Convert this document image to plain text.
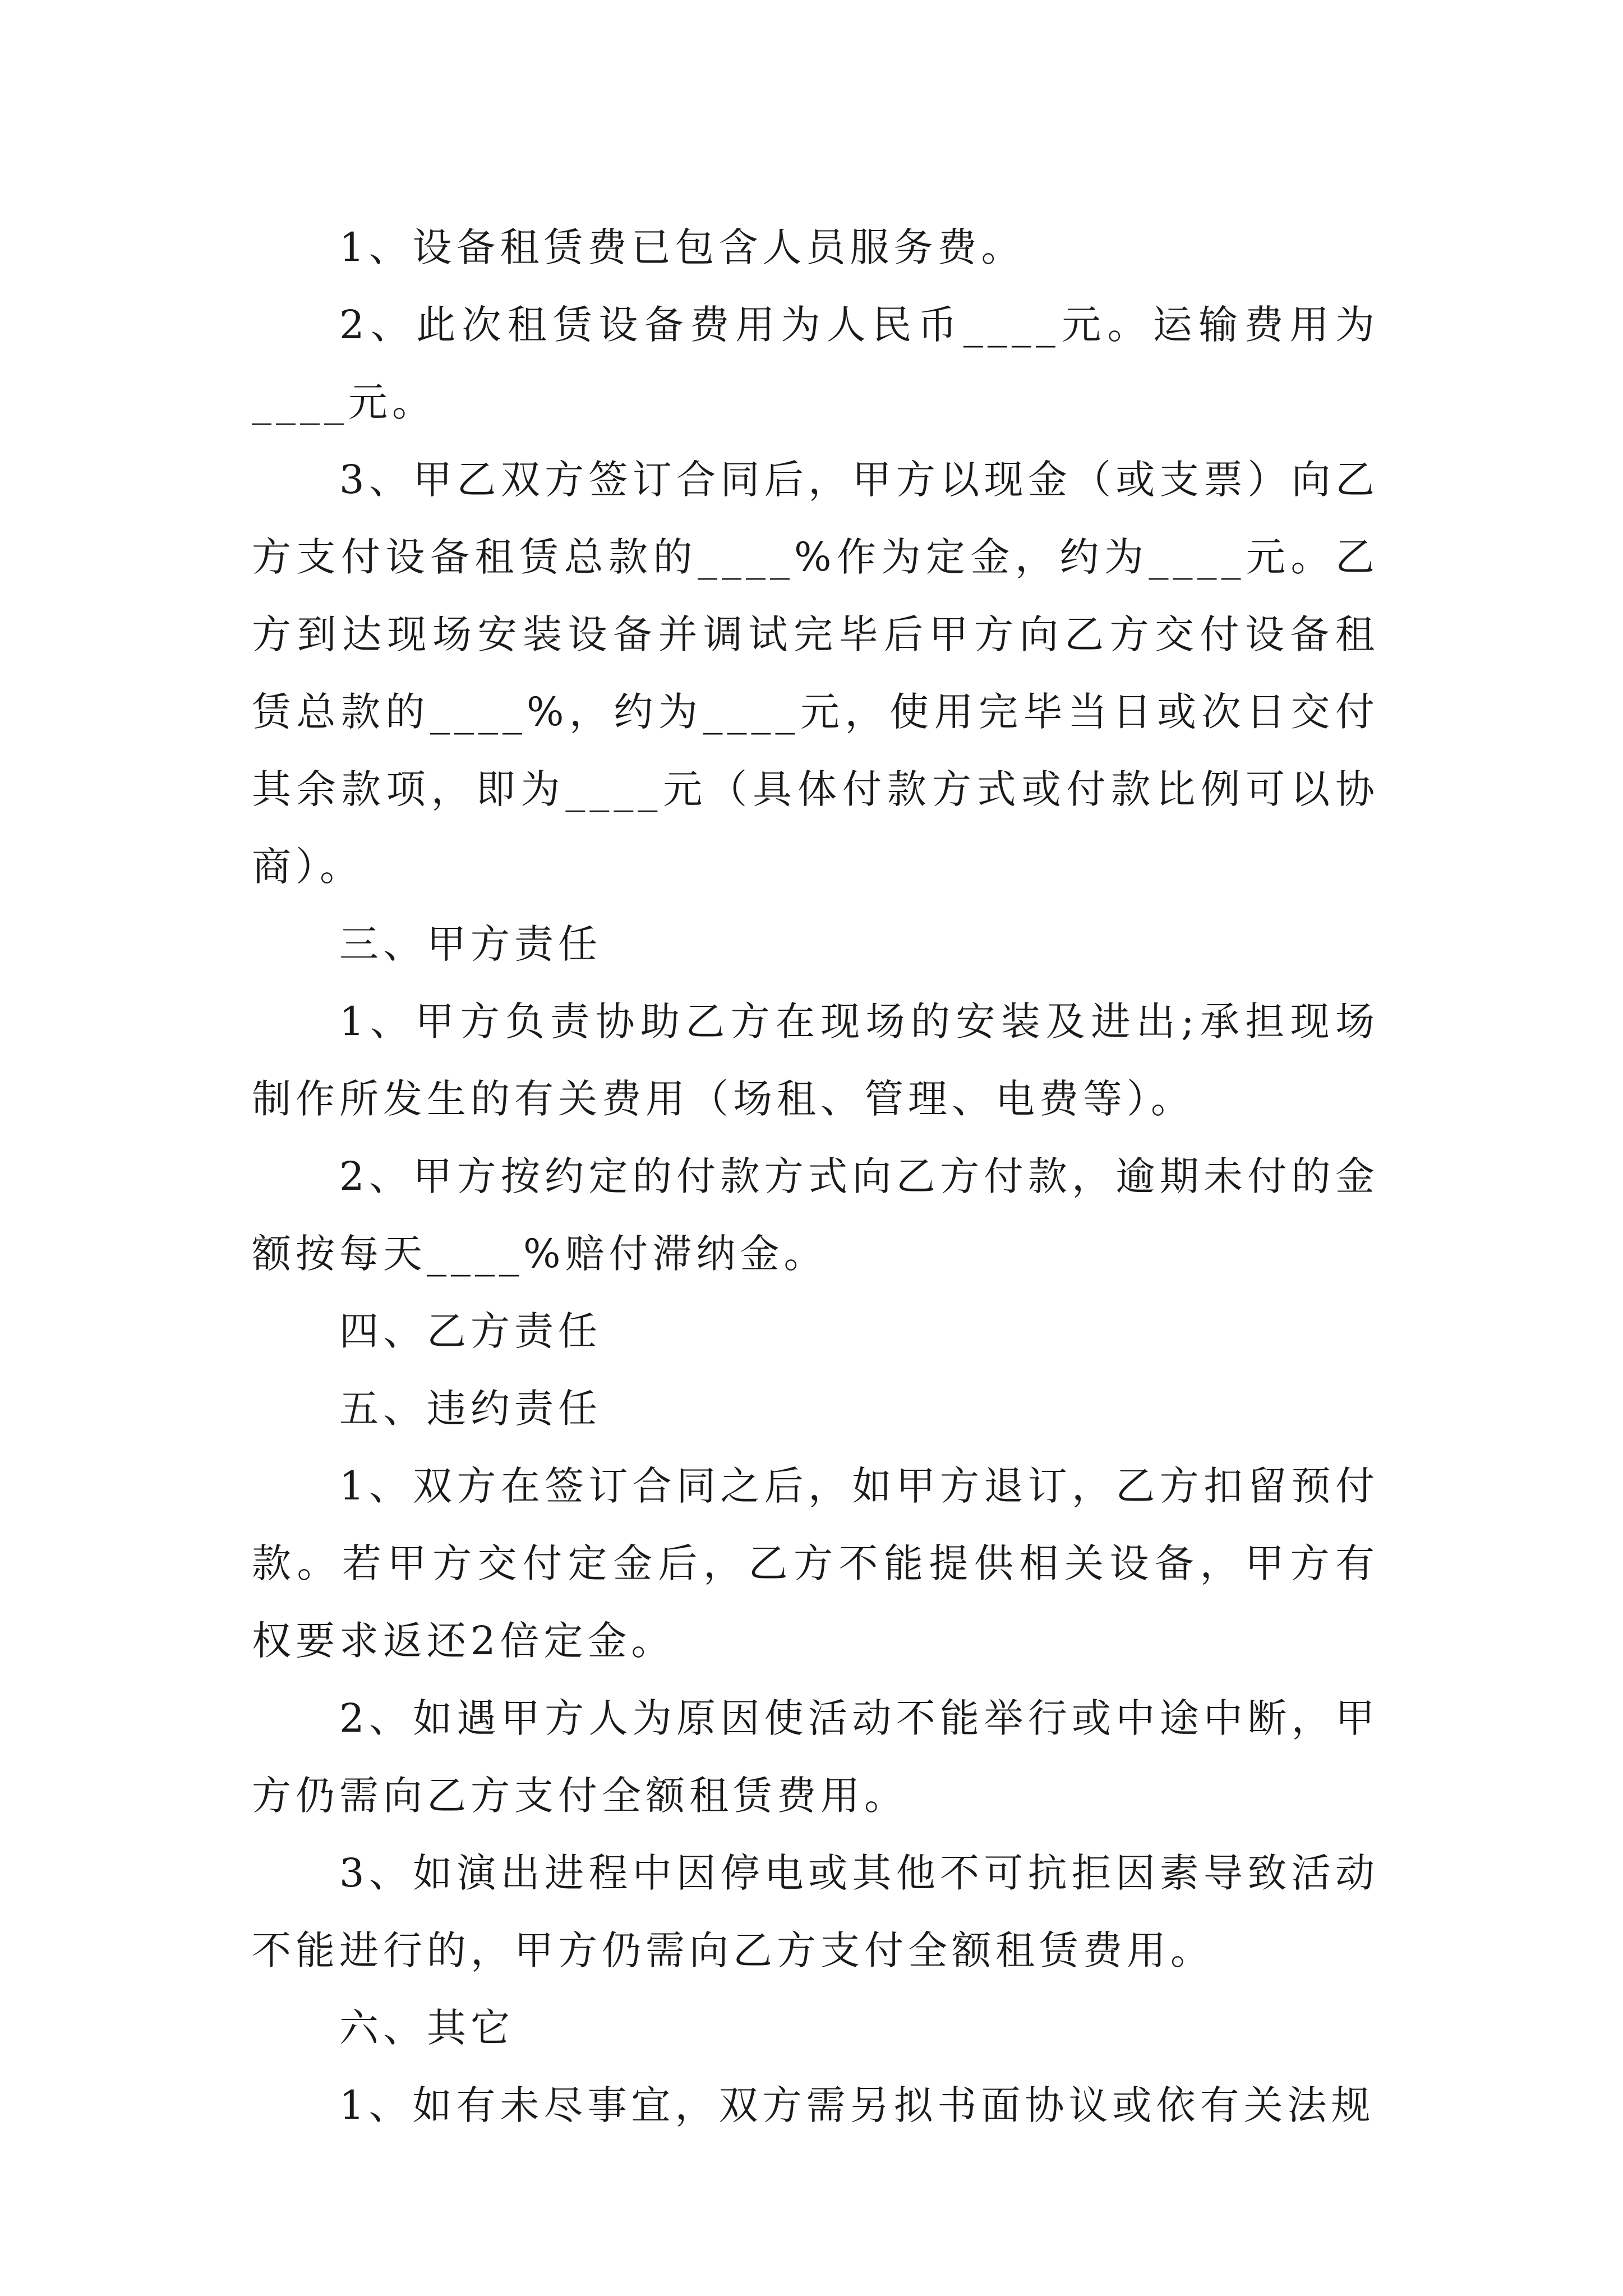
1、设备租赁费已包含人员服务费。

2、此次租赁设备费用为人民币____元。运输费用为____元。

3、甲乙双方签订合同后，甲方以现金（或支票）向乙方支付设备租赁总款的____%作为定金，约为____元。乙方到达现场安装设备并调试完毕后甲方向乙方交付设备租赁总款的____%，约为____元，使用完毕当日或次日交付其余款项，即为____元（具体付款方式或付款比例可以协商）。

三、甲方责任

1、甲方负责协助乙方在现场的安装及进出;承担现场制作所发生的有关费用（场租、管理、电费等）。

2、甲方按约定的付款方式向乙方付款，逾期未付的金额按每天____%赔付滞纳金。

四、乙方责任

五、违约责任

1、双方在签订合同之后，如甲方退订，乙方扣留预付款。若甲方交付定金后，乙方不能提供相关设备，甲方有权要求返还2倍定金。

2、如遇甲方人为原因使活动不能举行或中途中断，甲方仍需向乙方支付全额租赁费用。

3、如演出进程中因停电或其他不可抗拒因素导致活动不能进行的，甲方仍需向乙方支付全额租赁费用。

六、其它

1、如有未尽事宜，双方需另拟书面协议或依有关法规
